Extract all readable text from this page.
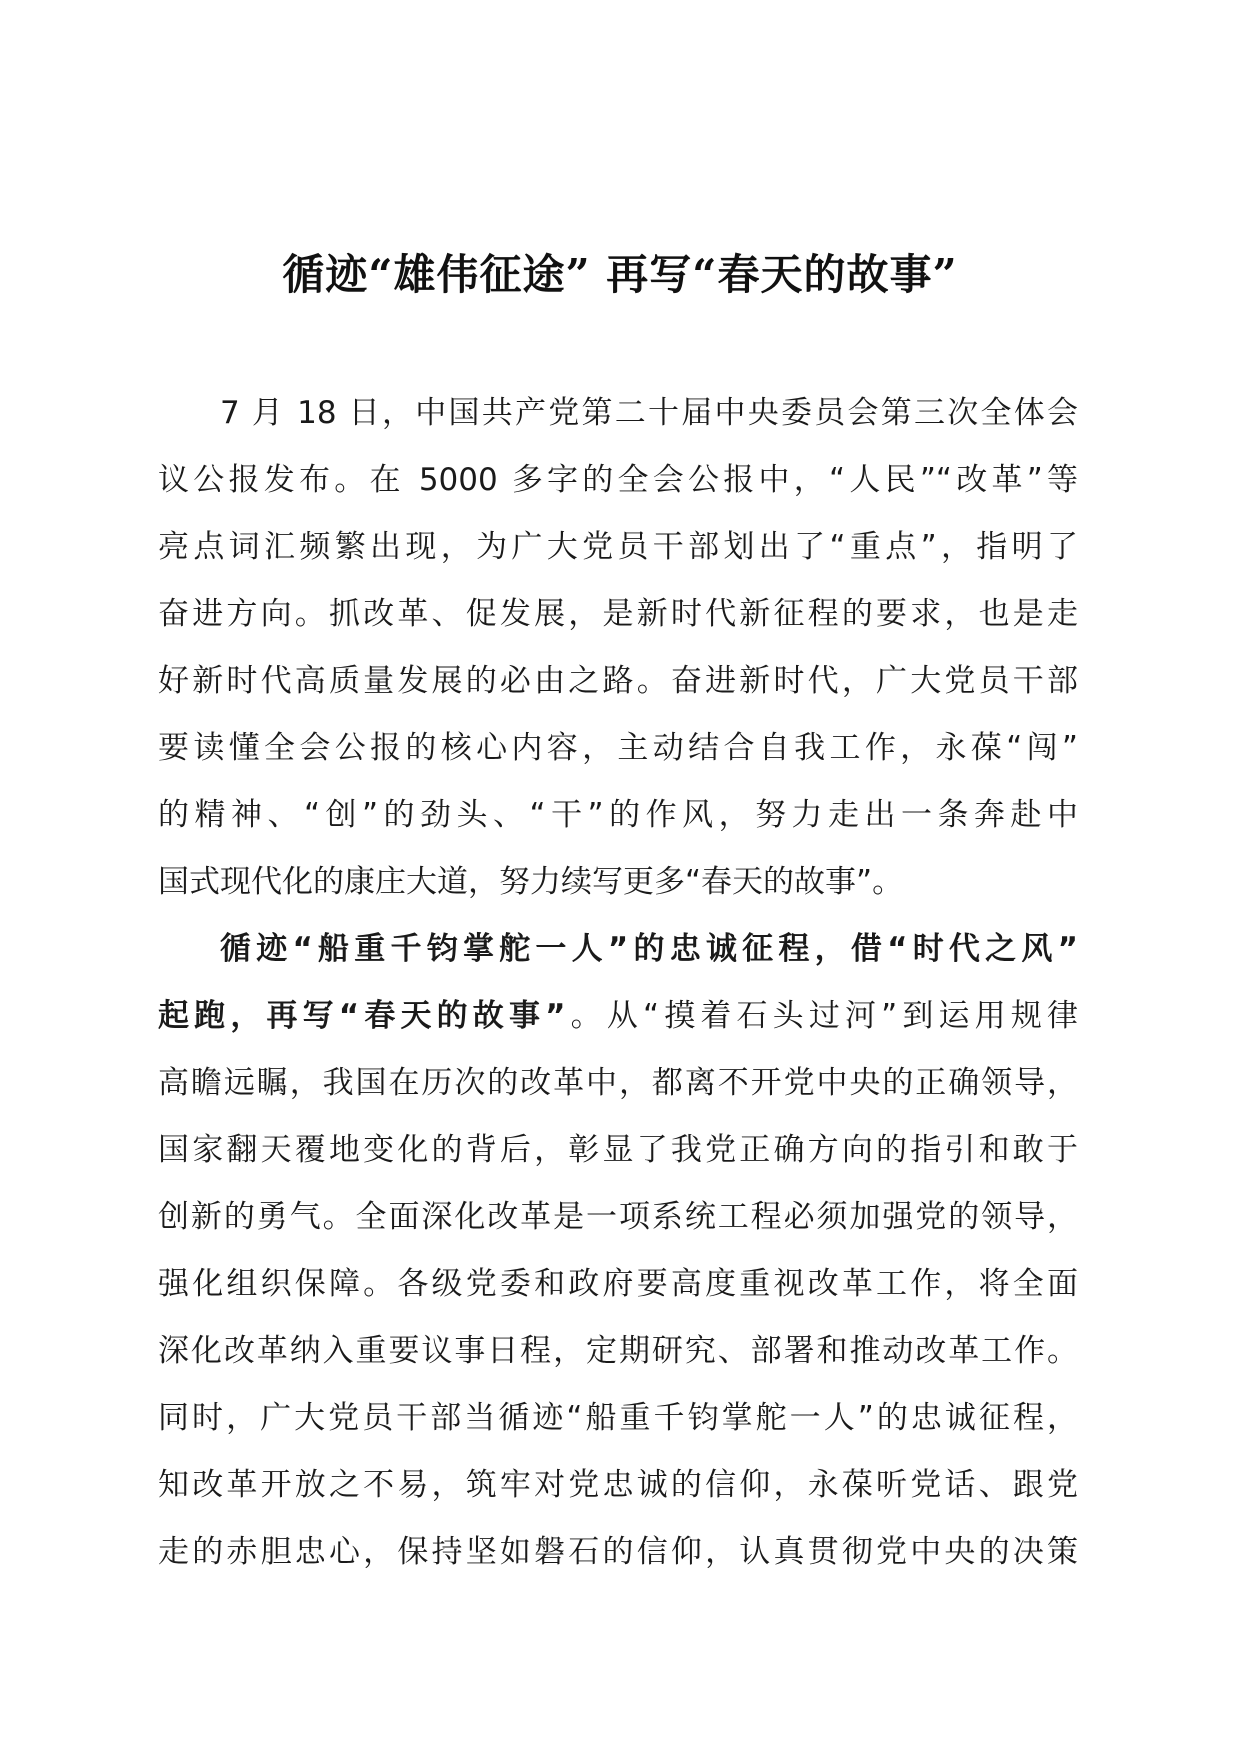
循迹“雄伟征途” 再写“春天的故事”
7 月 18 日，中国共产党第二十届中央委员会第三次全体会
议公报发布。在 5000 多字的全会公报中，“人民”“改革”等
亮点词汇频繁出现，为广大党员干部划出了“重点”，指明了
奋进方向。抓改革、促发展，是新时代新征程的要求，也是走
好新时代高质量发展的必由之路。奋进新时代，广大党员干部
要读懂全会公报的核心内容，主动结合自我工作，永葆“闯”
的精神、“创”的劲头、“干”的作风，努力走出一条奔赴中
国式现代化的康庄大道，努力续写更多“春天的故事”。
循迹“船重千钧掌舵一人”的忠诚征程，借“时代之风”
起跑，再写“春天的故事”。从“摸着石头过河”到运用规律
高瞻远瞩，我国在历次的改革中，都离不开党中央的正确领导，
国家翻天覆地变化的背后，彰显了我党正确方向的指引和敢于
创新的勇气。全面深化改革是一项系统工程必须加强党的领导，
强化组织保障。各级党委和政府要高度重视改革工作，将全面
深化改革纳入重要议事日程，定期研究、部署和推动改革工作。
同时，广大党员干部当循迹“船重千钧掌舵一人”的忠诚征程，
知改革开放之不易，筑牢对党忠诚的信仰，永葆听党话、跟党
走的赤胆忠心，保持坚如磐石的信仰，认真贯彻党中央的决策
